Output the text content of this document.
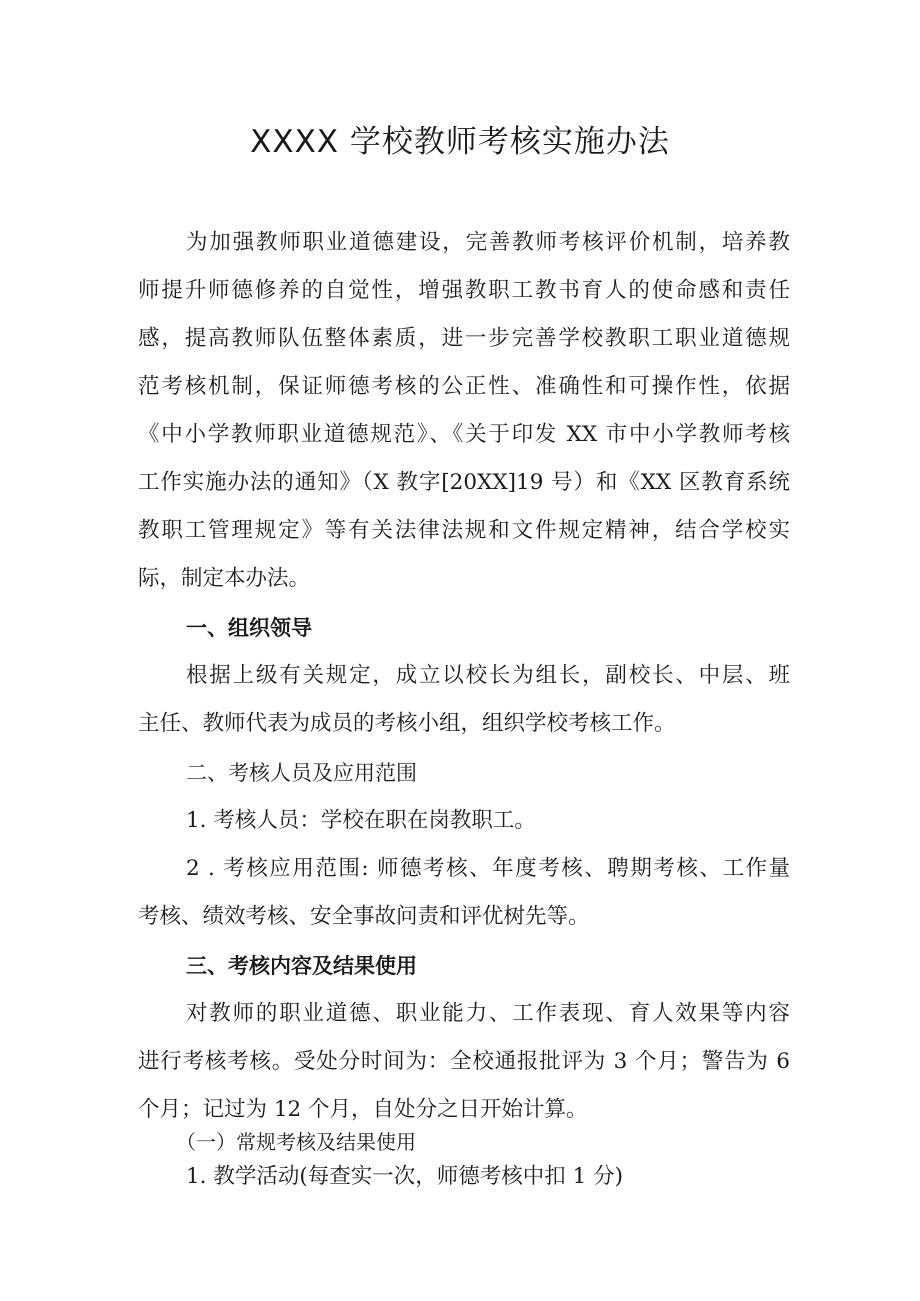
XXXX 学校教师考核实施办法
为加强教师职业道德建设，完善教师考核评价机制，培养教
师提升师德修养的自觉性，增强教职工教书育人的使命感和责任
感，提高教师队伍整体素质，进一步完善学校教职工职业道德规
范考核机制，保证师德考核的公正性、准确性和可操作性，依据
《中小学教师职业道德规范》、《关于印发 XX 市中小学教师考核
工作实施办法的通知》（X 教字[20XX]19 号）和《XX 区教育系统
教职工管理规定》等有关法律法规和文件规定精神，结合学校实
际，制定本办法。
一、组织领导
根据上级有关规定，成立以校长为组长，副校长、中层、班
主任、教师代表为成员的考核小组，组织学校考核工作。
二、考核人员及应用范围
1. 考核人员：学校在职在岗教职工。
2 . 考核应用范围: 师德考核、年度考核、聘期考核、工作量
考核、绩效考核、安全事故问责和评优树先等。
三、考核内容及结果使用
对教师的职业道德、职业能力、工作表现、育人效果等内容
进行考核考核。受处分时间为：全校通报批评为 3 个月；警告为 6
个月；记过为 12 个月，自处分之日开始计算。
（一）常规考核及结果使用
1. 教学活动(每查实一次，师德考核中扣 1 分)
